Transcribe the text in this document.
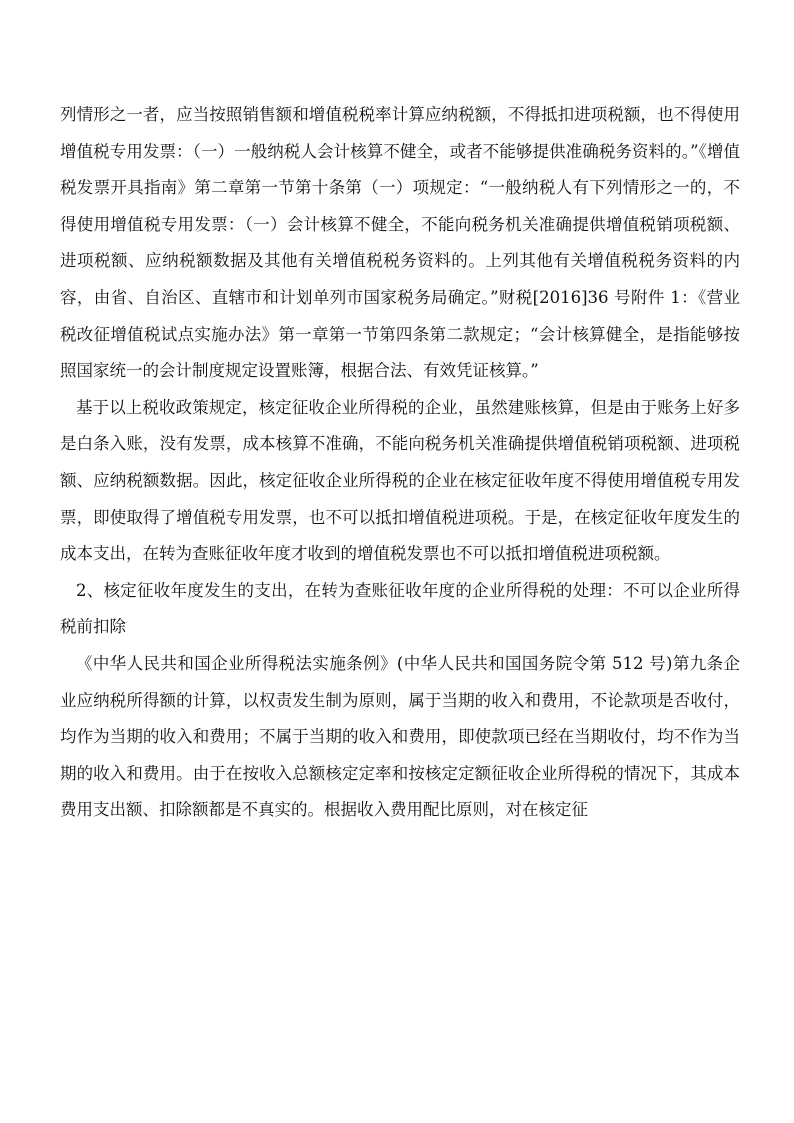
列情形之一者，应当按照销售额和增值税税率计算应纳税额，不得抵扣进项税额，也不得使用增值税专用发票：（一）一般纳税人会计核算不健全，或者不能够提供准确税务资料的。”《增值税发票开具指南》第二章第一节第十条第（一）项规定：“一般纳税人有下列情形之一的，不得使用增值税专用发票：（一）会计核算不健全，不能向税务机关准确提供增值税销项税额、进项税额、应纳税额数据及其他有关增值税税务资料的。上列其他有关增值税税务资料的内容，由省、自治区、直辖市和计划单列市国家税务局确定。”财税[2016]36 号附件 1：《营业税改征增值税试点实施办法》第一章第一节第四条第二款规定；“会计核算健全，是指能够按照国家统一的会计制度规定设置账簿，根据合法、有效凭证核算。”

基于以上税收政策规定，核定征收企业所得税的企业，虽然建账核算，但是由于账务上好多是白条入账，没有发票，成本核算不准确，不能向税务机关准确提供增值税销项税额、进项税额、应纳税额数据。因此，核定征收企业所得税的企业在核定征收年度不得使用增值税专用发票，即使取得了增值税专用发票，也不可以抵扣增值税进项税。于是，在核定征收年度发生的成本支出，在转为查账征收年度才收到的增值税发票也不可以抵扣增值税进项税额。

2、核定征收年度发生的支出，在转为查账征收年度的企业所得税的处理：不可以企业所得税前扣除

《中华人民共和国企业所得税法实施条例》(中华人民共和国国务院令第 512 号)第九条企业应纳税所得额的计算，以权责发生制为原则，属于当期的收入和费用，不论款项是否收付，均作为当期的收入和费用；不属于当期的收入和费用，即使款项已经在当期收付，均不作为当期的收入和费用。由于在按收入总额核定定率和按核定定额征收企业所得税的情况下，其成本费用支出额、扣除额都是不真实的。根据收入费用配比原则，对在核定征
